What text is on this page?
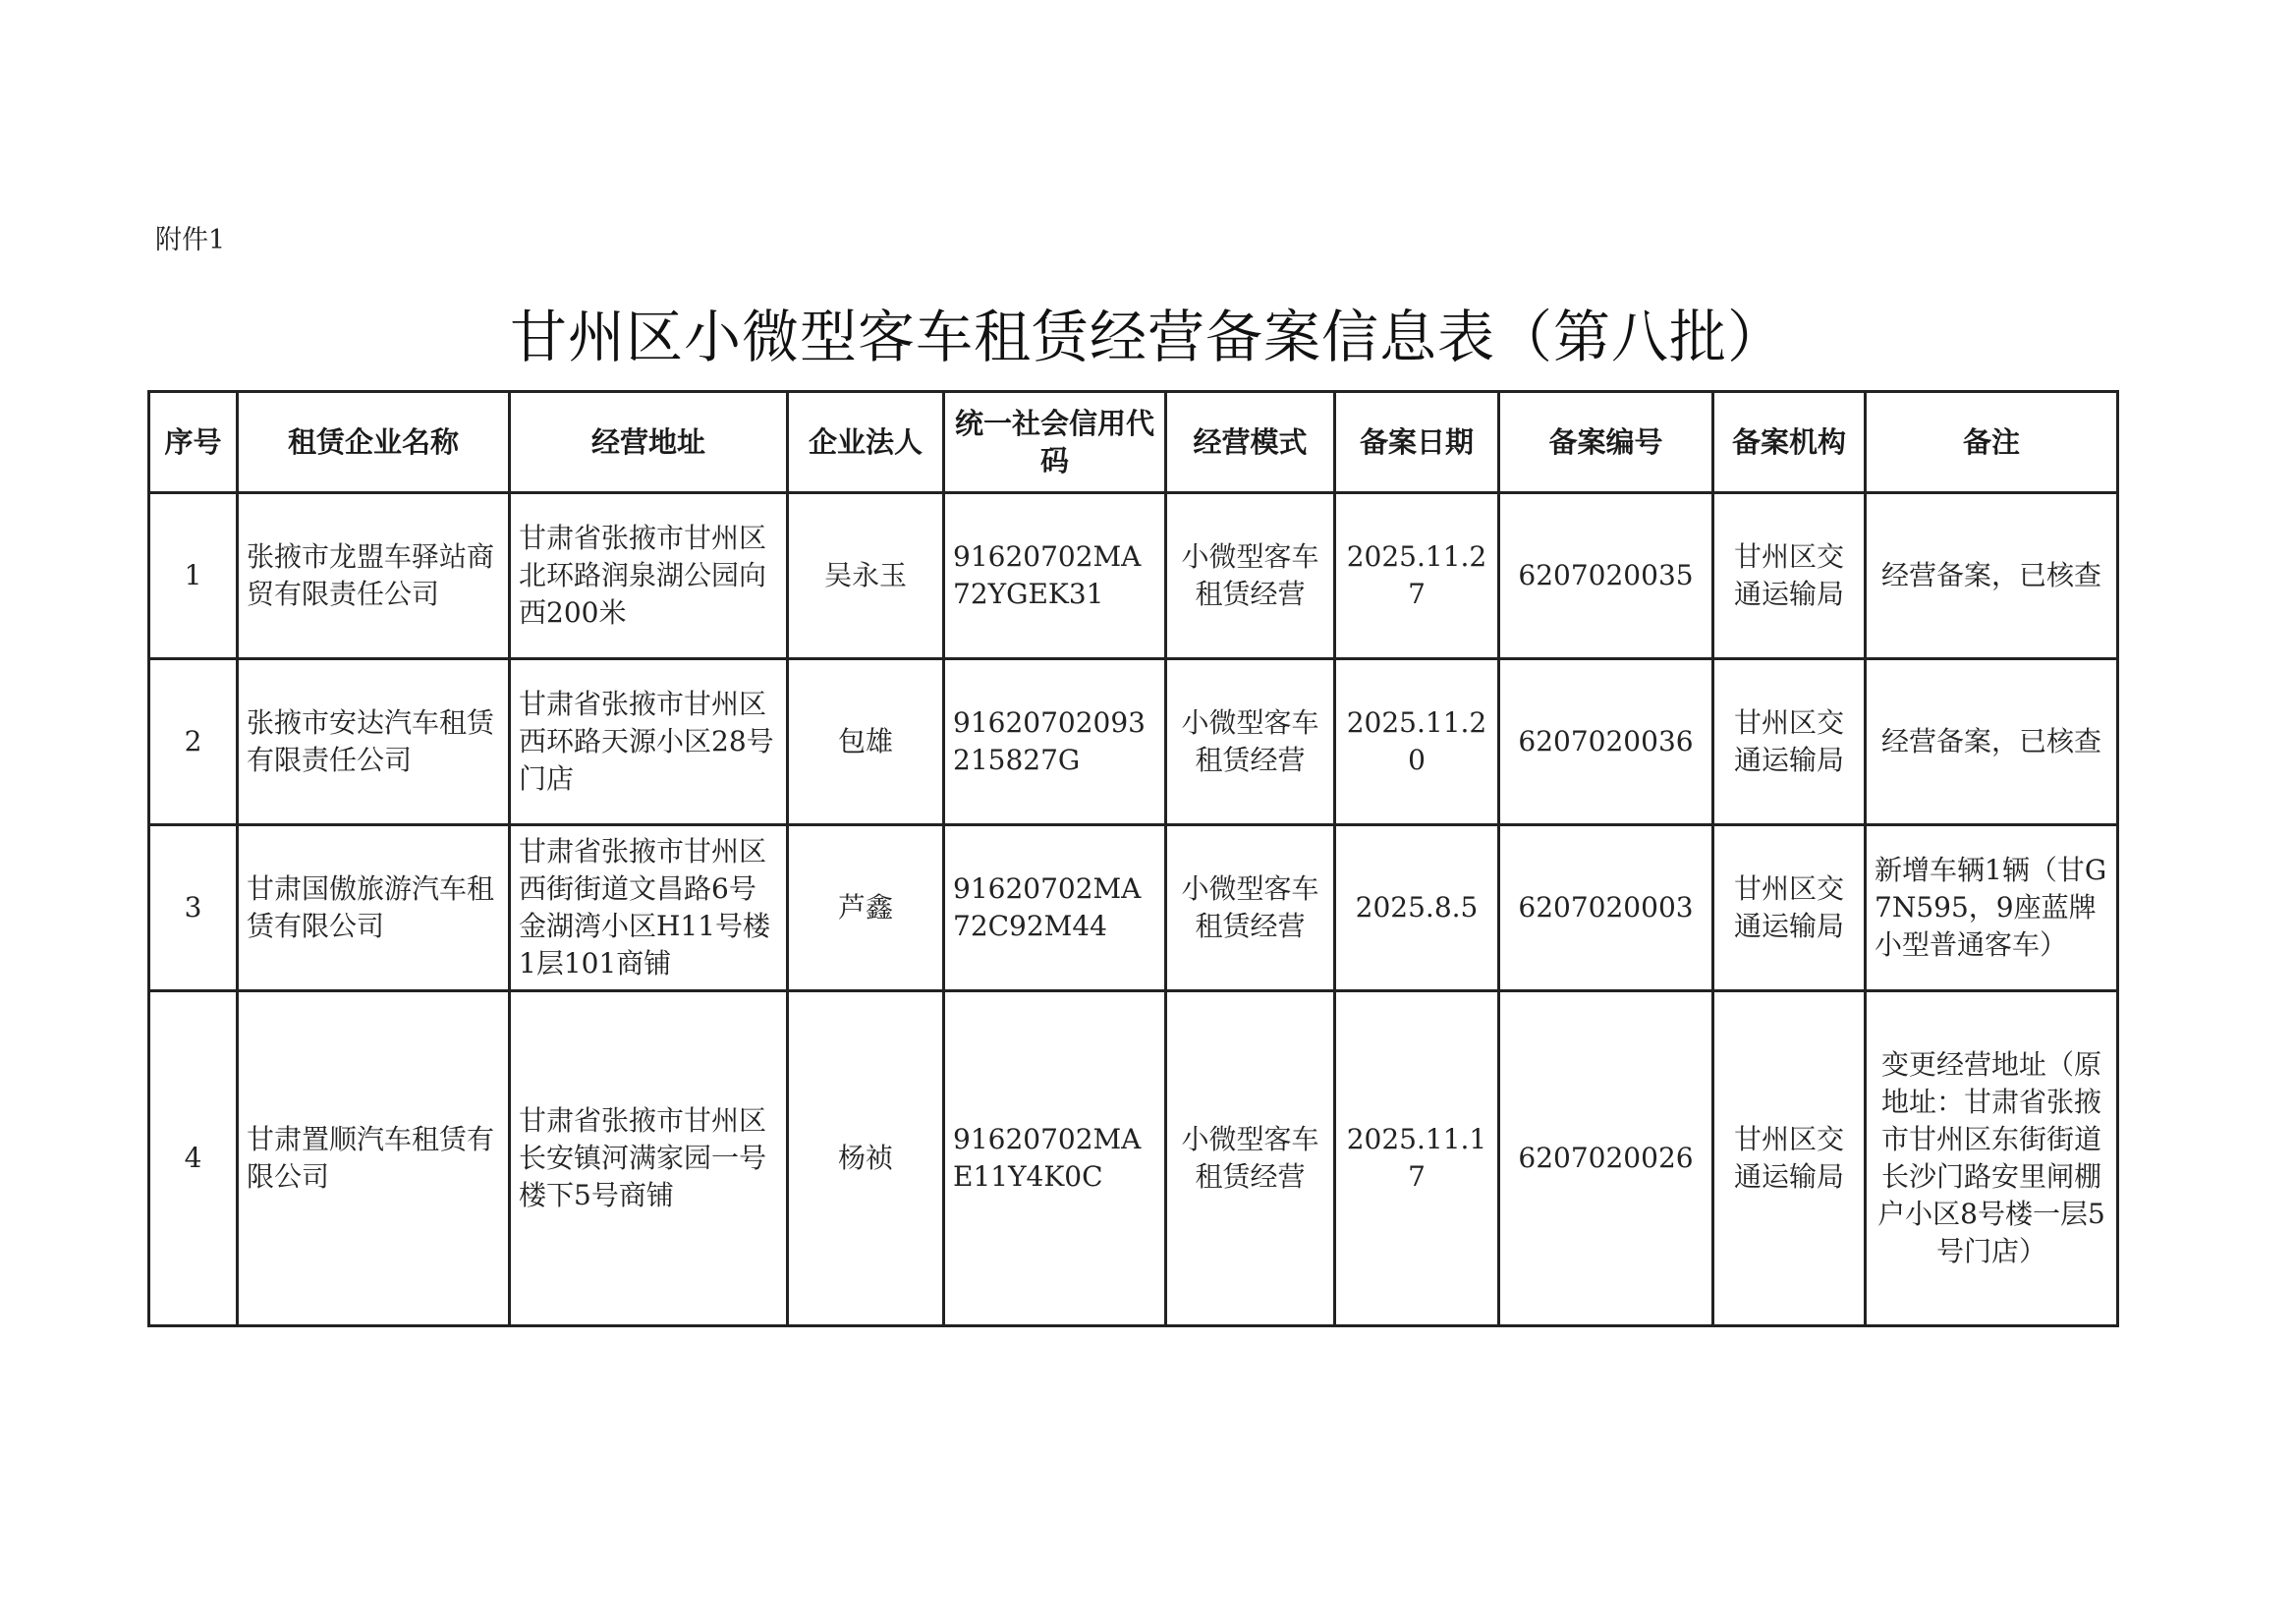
附件1
甘州区小微型客车租赁经营备案信息表（第八批）
序号	租赁企业名称	经营地址	企业法人	统一社会信用代码	经营模式	备案日期	备案编号	备案机构	备注
1	张掖市龙盟车驿站商贸有限责任公司	甘肃省张掖市甘州区北环路润泉湖公园向西200米	吴永玉	91620702MA72YGEK31	小微型客车租赁经营	2025.11.27	6207020035	甘州区交通运输局	经营备案，已核查
2	张掖市安达汽车租赁有限责任公司	甘肃省张掖市甘州区西环路天源小区28号门店	包雄	91620702093215827G	小微型客车租赁经营	2025.11.20	6207020036	甘州区交通运输局	经营备案，已核查
3	甘肃国傲旅游汽车租赁有限公司	甘肃省张掖市甘州区西街街道文昌路6号金湖湾小区H11号楼1层101商铺	芦鑫	91620702MA72C92M44	小微型客车租赁经营	2025.8.5	6207020003	甘州区交通运输局	新增车辆1辆（甘G7N595，9座蓝牌小型普通客车）
4	甘肃置顺汽车租赁有限公司	甘肃省张掖市甘州区长安镇河满家园一号楼下5号商铺	杨祯	91620702MAE11Y4K0C	小微型客车租赁经营	2025.11.17	6207020026	甘州区交通运输局	变更经营地址（原地址：甘肃省张掖市甘州区东街街道长沙门路安里闸棚户小区8号楼一层5号门店）
